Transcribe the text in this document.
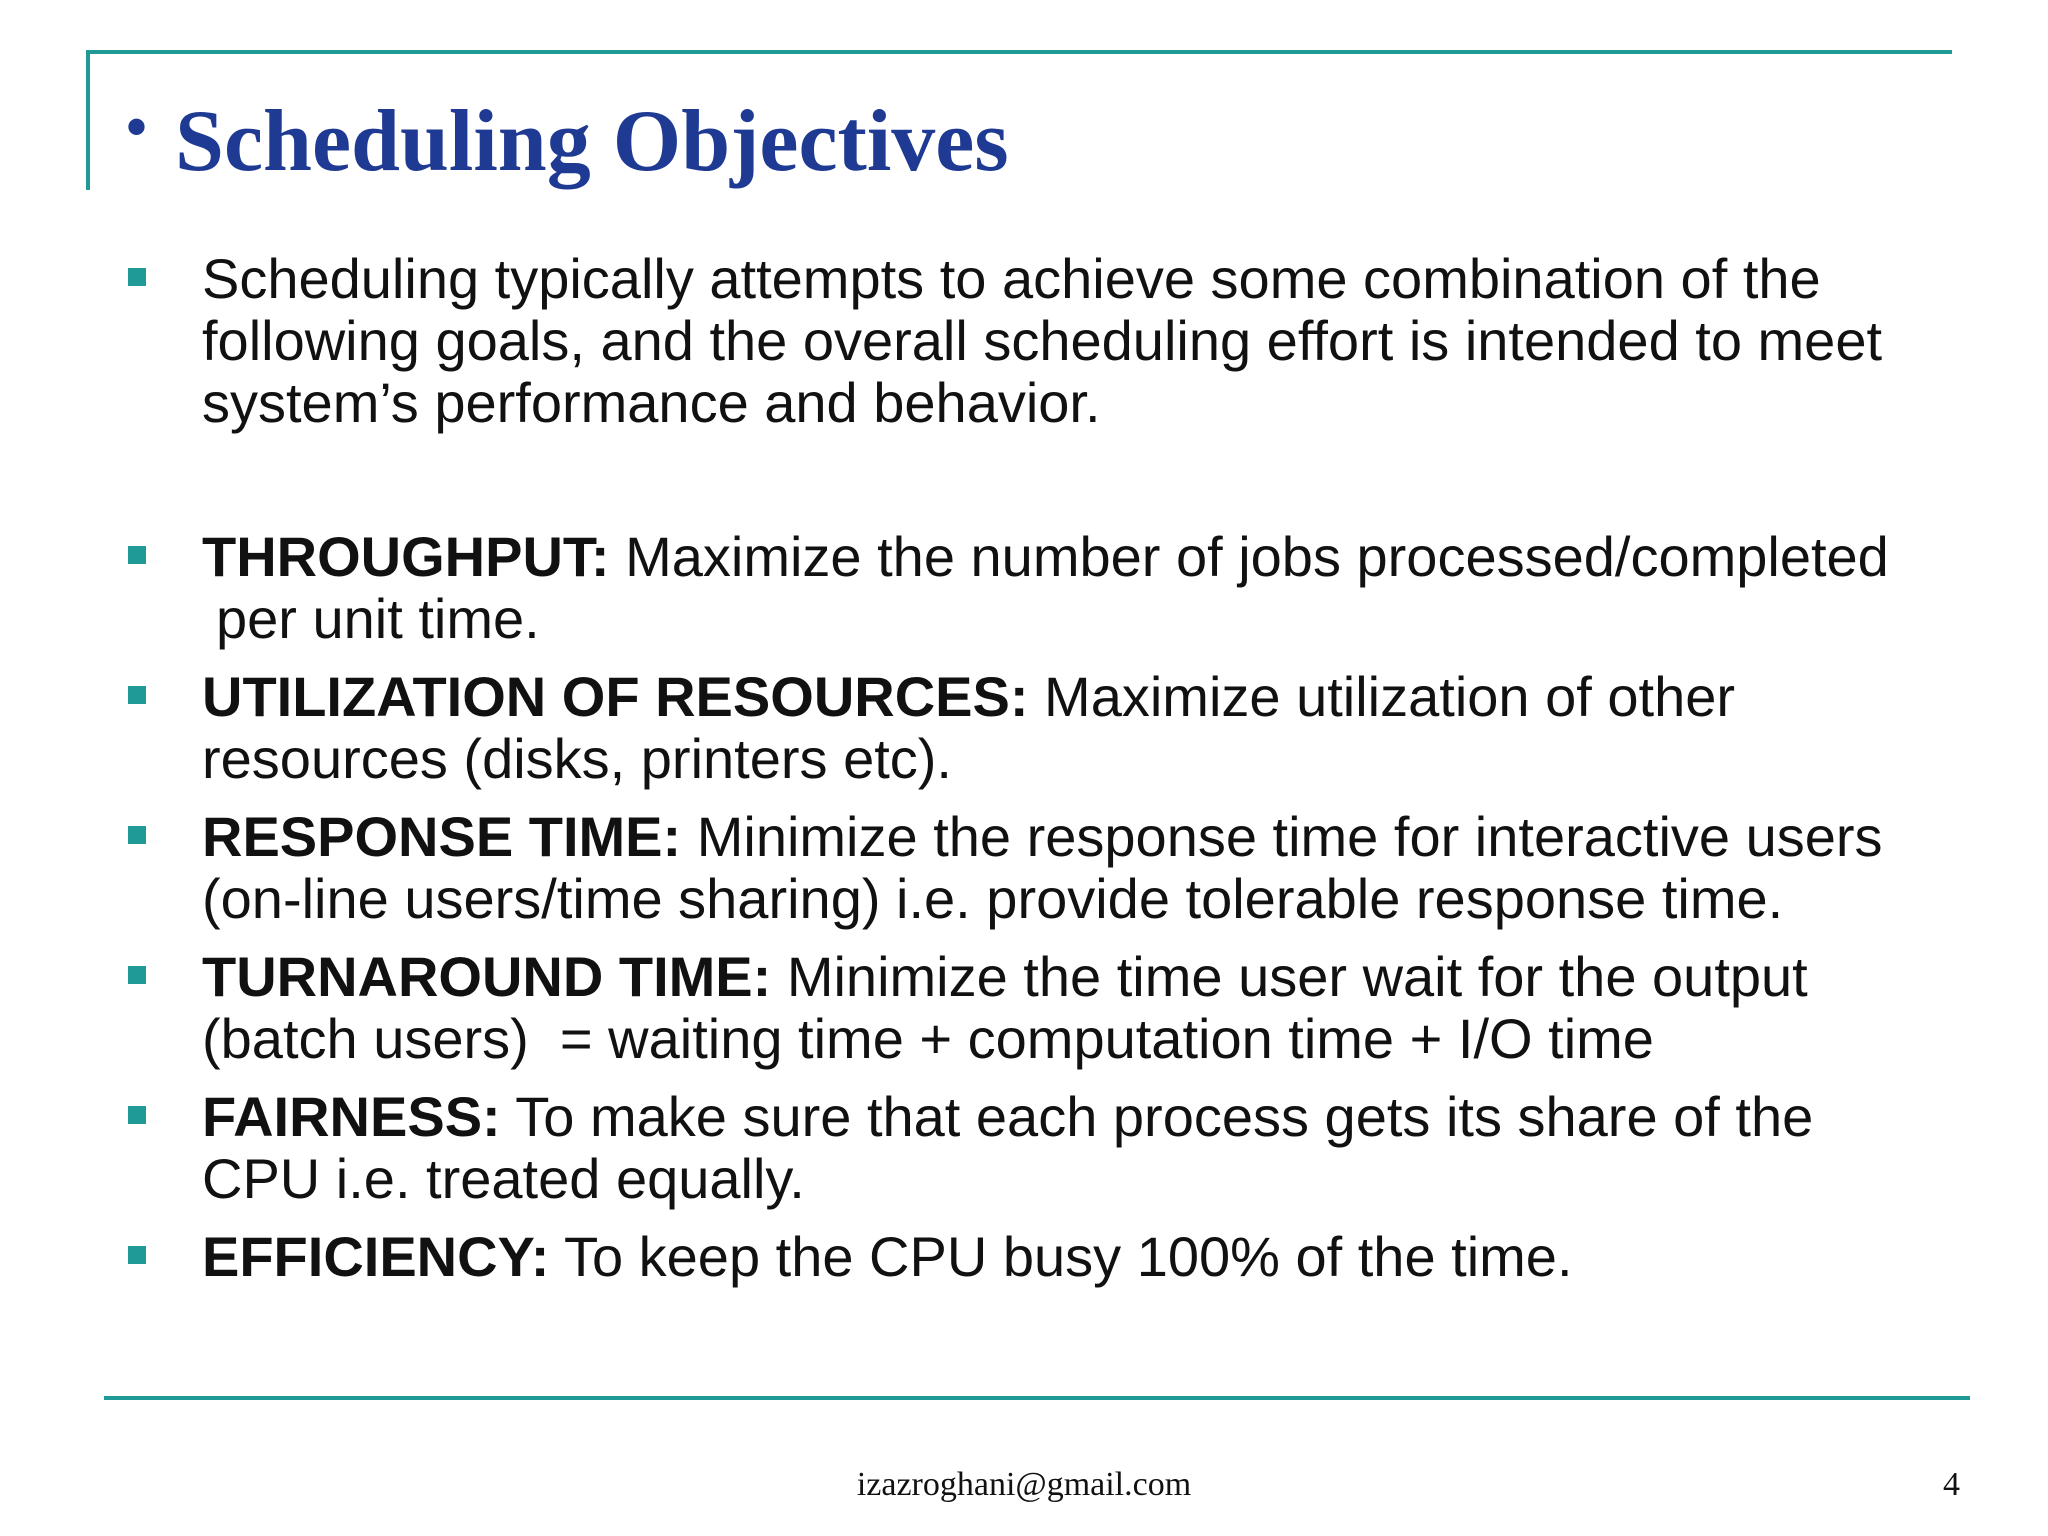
• Scheduling Objectives
Scheduling typically attempts to achieve some combination of the
following goals, and the overall scheduling effort is intended to meet
system’s performance and behavior.
THROUGHPUT: Maximize the number of jobs processed/completed
per unit time.
UTILIZATION OF RESOURCES: Maximize utilization of other
resources (disks, printers etc).
RESPONSE TIME: Minimize the response time for interactive users
(on-line users/time sharing) i.e. provide tolerable response time.
TURNAROUND TIME: Minimize the time user wait for the output
(batch users)  = waiting time + computation time + I/O time
FAIRNESS: To make sure that each process gets its share of the
CPU i.e. treated equally.
EFFICIENCY: To keep the CPU busy 100% of the time.
izazroghani@gmail.com	4
